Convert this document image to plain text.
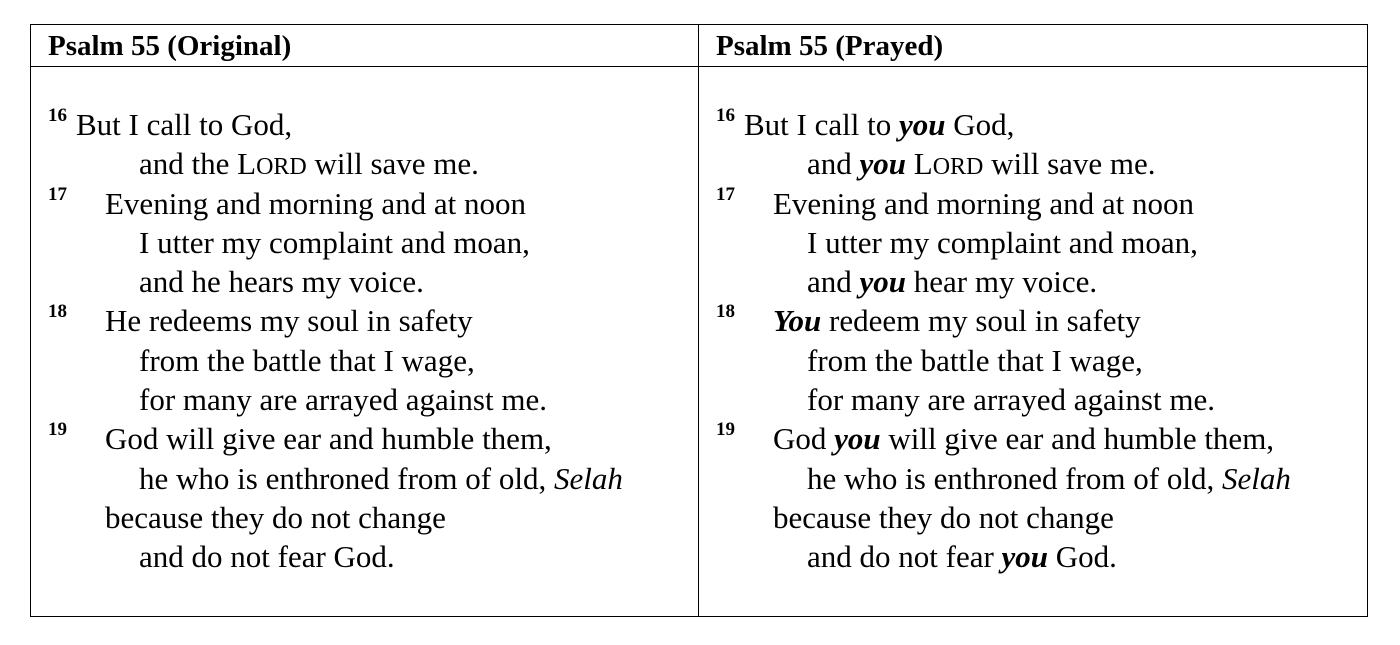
Psalm 55 (Original)
16 But I call to God,
and the LORD will save me.
17 Evening and morning and at noon
I utter my complaint and moan,
and he hears my voice.
18 He redeems my soul in safety
from the battle that I wage,
for many are arrayed against me.
19 God will give ear and humble them,
he who is enthroned from of old, Selah
because they do not change
and do not fear God.
Psalm 55 (Prayed)
16 But I call to you God,
and you LORD will save me.
17 Evening and morning and at noon
I utter my complaint and moan,
and you hear my voice.
18 You redeem my soul in safety
from the battle that I wage,
for many are arrayed against me.
19 God you will give ear and humble them,
he who is enthroned from of old, Selah
because they do not change
and do not fear you God.
